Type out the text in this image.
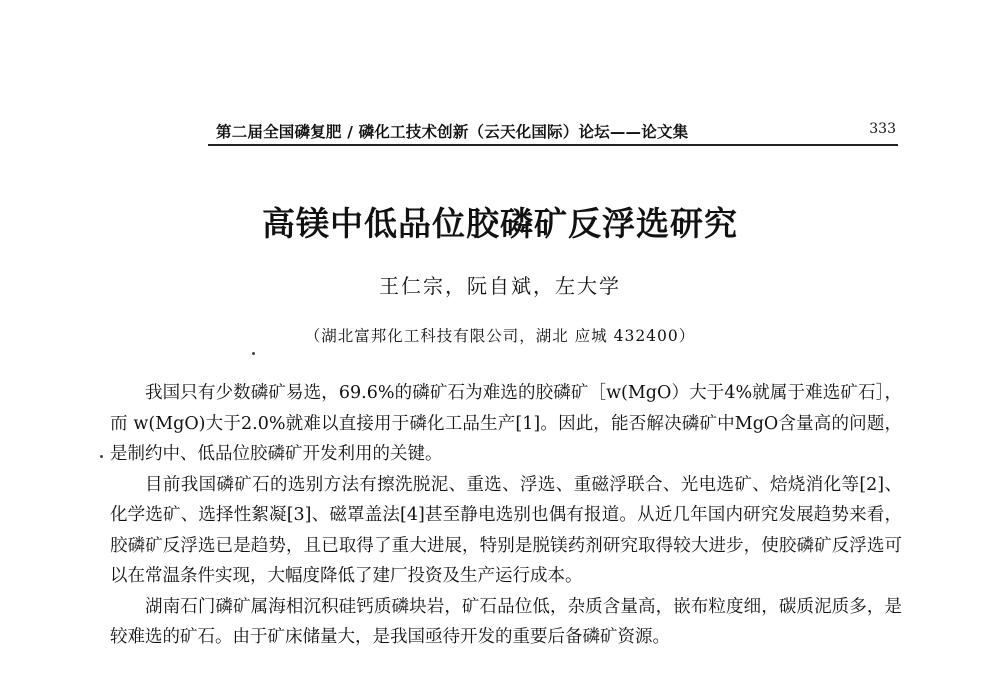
第二届全国磷复肥 / 磷化工技术创新（云天化国际）论坛——论文集	333
高镁中低品位胶磷矿反浮选研究
王仁宗，阮自斌，左大学
（湖北富邦化工科技有限公司，湖北 应城 432400）

我国只有少数磷矿易选，69.6%的磷矿石为难选的胶磷矿［w(MgO）大于4%就属于难选矿石］，而 w(MgO)大于2.0%就难以直接用于磷化工品生产[1]。因此，能否解决磷矿中MgO含量高的问题，是制约中、低品位胶磷矿开发利用的关键。

目前我国磷矿石的选别方法有擦洗脱泥、重选、浮选、重磁浮联合、光电选矿、焙烧消化等[2]、化学选矿、选择性絮凝[3]、磁罩盖法[4]甚至静电选别也偶有报道。从近几年国内研究发展趋势来看，胶磷矿反浮选已是趋势，且已取得了重大进展，特别是脱镁药剂研究取得较大进步，使胶磷矿反浮选可以在常温条件实现，大幅度降低了建厂投资及生产运行成本。

湖南石门磷矿属海相沉积硅钙质磷块岩，矿石品位低，杂质含量高，嵌布粒度细，碳质泥质多，是较难选的矿石。由于矿床储量大，是我国亟待开发的重要后备磷矿资源。
